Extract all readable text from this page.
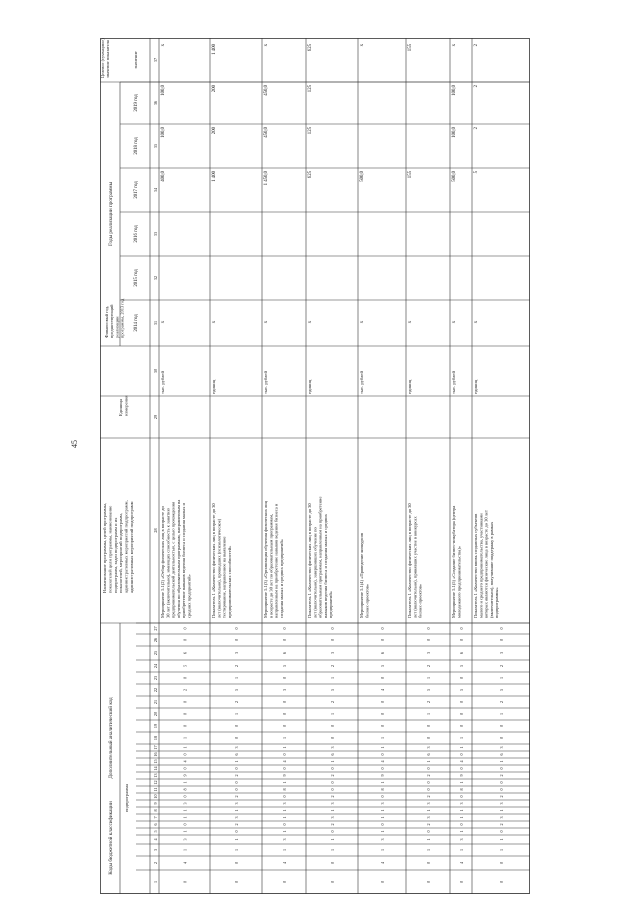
45
Коды бюджетной классификации
Дополнительный аналитический код
подпрограмма
Наименование программы, целей программы, показателей цели программы, наименование подпрограмм, задач подпрограмм и их показателей, мероприятий подпрограмм, административных мероприятий подпрограмм, административных мероприятий подпрограмм
Единица измерения
Финансовый год, предшествующий реализации программы, 2013 год
Годы реализации программы
2014 год
2015 год
2016 год
2017 год
2018 год
2019 год
Целевое (суммарное) значение показателя	значение
1
2
3
4
5
6
7
8
9
10
11
12
13
14
15
16
17
18
19
20
21
22
23
24
25
26
27
28
29
30
31
32
33
34
35
36
37
Мероприятие 5.1(2) «Отбор физических лиц в возрасте до 30 лет (включительно), имеющих способность к занятию предпринимательской деятельностью, с целью прохождения обучения по образовательным программам, направленным на приобретение навыков ведения бизнеса и создания малых и средних предприятий»
тыс. рублей
х
400,0
100,0
100,0
х
0
4
1
3
1
0
1
1
3
0
8
1
9
0
4
0
1
1
0
0
0
2
0
5
6
0
0
Показатель 1 «Количество физических лиц в возрасте до 30 лет (включительно), прошедших (психологическое) тестирование, направленное на выявление предпринимательских способностей»
единиц
х
1 400
200
200
1 400
0
0
1
1
0
2
3
1
3
2
0
0
2
0
1
6
3
0
0
1
2
5
1
2
3
0
0
Мероприятие 5.1(3) «Организация обучения физических лиц в возрасте до 30 лет по образовательным программам, направленным на приобретение навыков ведения бизнеса и создания малых и средних предприятий»
тыс. рублей
х
1 450,0
450,0
450,0
х
0
4
1
3
1
0
1
1
3
0
8
1
9
0
4
0
1
1
0
0
0
3
0
5
6
0
0
Показатель 1 «Количество физических лиц в возрасте до 30 лет (включительно), завершивших обучение по образовательным программам, направленным на приобретение навыков ведения бизнеса и создания малых и средних предприятий»
единиц
х
625
125
125
625
0
0
1
1
0
2
3
1
3
2
0
0
2
0
1
6
3
0
0
1
2
5
1
2
3
0
0
Мероприятие 5.1(4) «Проведение конкурсов бизнес-проектов»
тыс. рублей
х
500,0
х
0
4
1
3
1
0
1
1
3
0
8
1
9
0
4
0
1
1
0
0
0
4
0
5
6
0
0
Показатель 1 «Количество физических лиц в возрасте до 30 лет (включительно), принявших участие в конкурсах бизнес-проектов»
единиц
х
155
155
0
0
1
1
0
2
3
1
3
2
0
0
2
0
1
6
3
0
0
1
2
5
1
2
3
0
0
Мероприятие 5.1(5) «Создание бизнес-инкубатора (центра молодежного предпринимательства)»
тыс. рублей
х
500,0
100,0
100,0
х
0
4
1
3
1
0
1
1
3
0
8
1
9
0
4
0
1
1
0
0
0
5
0
5
6
0
0
Показатель 1 «Количество вновь созданных субъектов малого и среднего предпринимательства, участниками которых являются физические лица в возрасте до 30 лет (включительно), получившие поддержку в рамках подпрограммы»
единиц
х
5
2
2
2
0
0
1
1
0
2
3
1
3
2
0
0
2
0
1
6
3
0
0
1
2
5
1
2
3
0
0
